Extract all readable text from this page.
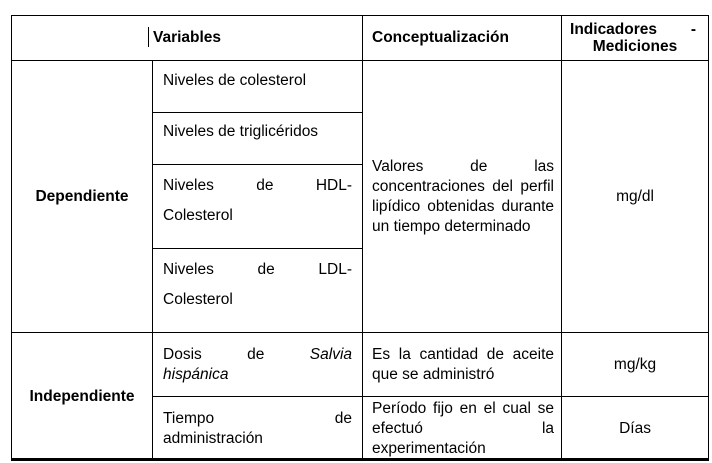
Variables		Conceptualización	Indicadores -
Mediciones

Dependiente	Niveles de colesterol	Valores de las concentraciones del perfil lipídico obtenidas durante un tiempo determinado	mg/dl
	Niveles de triglicéridos		

	Niveles de HDL-
Colesterol		

	Niveles de LDL-
Colesterol		

Independiente	Dosis de Salvia
hispánica	Es la cantidad de aceite que se administró	mg/kg

	Tiempo de
administración	Período fijo en el cual se efectuó la experimentación	Días
